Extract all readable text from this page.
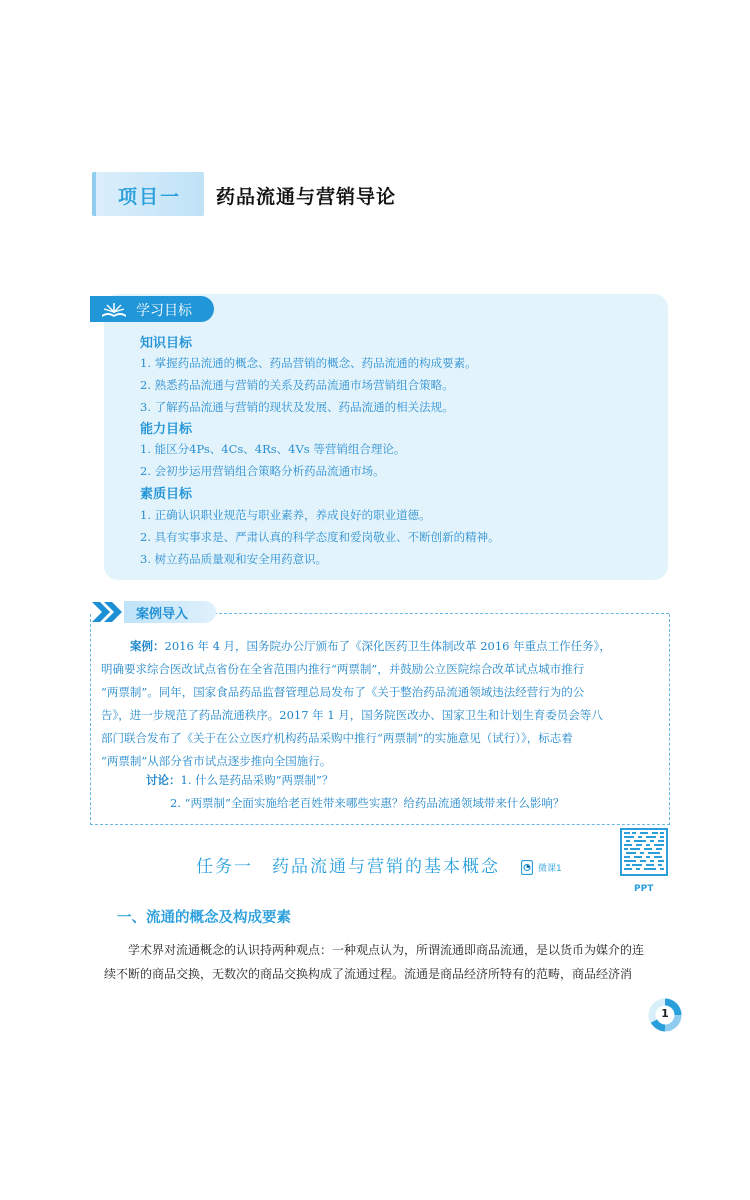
项目一 药品流通与营销导论
学习目标
知识目标
1. 掌握药品流通的概念、药品营销的概念、药品流通的构成要素。
2. 熟悉药品流通与营销的关系及药品流通市场营销组合策略。
3. 了解药品流通与营销的现状及发展、药品流通的相关法规。
能力目标
1. 能区分4Ps、4Cs、4Rs、4Vs 等营销组合理论。
2. 会初步运用营销组合策略分析药品流通市场。
素质目标
1. 正确认识职业规范与职业素养，养成良好的职业道德。
2. 具有实事求是、严肃认真的科学态度和爱岗敬业、不断创新的精神。
3. 树立药品质量观和安全用药意识。
案例导入
案例：2016 年 4 月，国务院办公厅颁布了《深化医药卫生体制改革 2016 年重点工作任务》，
明确要求综合医改试点省份在全省范围内推行“两票制”，并鼓励公立医院综合改革试点城市推行
“两票制”。同年，国家食品药品监督管理总局发布了《关于整治药品流通领域违法经营行为的公
告》，进一步规范了药品流通秩序。2017 年 1 月，国务院医改办、国家卫生和计划生育委员会等八
部门联合发布了《关于在公立医疗机构药品采购中推行“两票制”的实施意见（试行）》，标志着
“两票制”从部分省市试点逐步推向全国施行。
讨论：1. 什么是药品采购“两票制”？
2. “两票制”全面实施给老百姓带来哪些实惠？给药品流通领域带来什么影响？
任务一　药品流通与营销的基本概念	微课1
PPT
一、流通的概念及构成要素
学术界对流通概念的认识持两种观点：一种观点认为，所谓流通即商品流通，是以货币为媒介的连
续不断的商品交换，无数次的商品交换构成了流通过程。流通是商品经济所特有的范畴，商品经济消
1
